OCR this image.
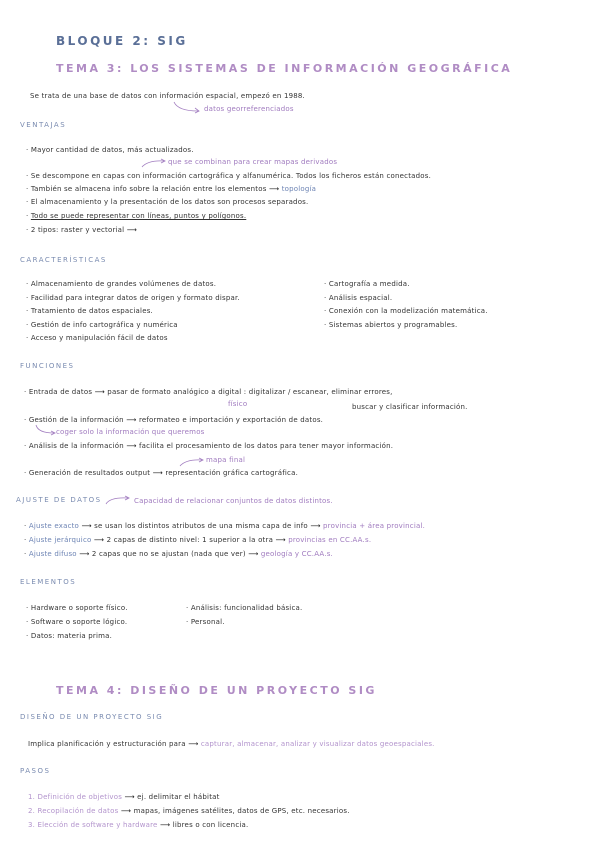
BLOQUE 2: SIG
TEMA 3: LOS SISTEMAS DE INFORMACIÓN GEOGRÁFICA
Se trata de una base de datos con información espacial, empezó en 1988.
datos georreferenciados
VENTAJAS
· Mayor cantidad de datos, más actualizados.
que se combinan para crear mapas derivados
· Se descompone en capas con información cartográfica y alfanumérica. Todos los ficheros están conectados.
· También se almacena info sobre la relación entre los elementos ⟶ topología
· El almacenamiento y la presentación de los datos son procesos separados.
· Todo se puede representar con líneas, puntos y polígonos.
· 2 tipos: raster y vectorial ⟶
CARACTERÍSTICAS
· Almacenamiento de grandes volúmenes de datos.
· Facilidad para integrar datos de origen y formato dispar.
· Tratamiento de datos espaciales.
· Gestión de info cartográfica y numérica
· Acceso y manipulación fácil de datos
· Cartografía a medida.
· Análisis espacial.
· Conexión con la modelización matemática.
· Sistemas abiertos y programables.
FUNCIONES
· Entrada de datos ⟶ pasar de formato analógico a digital : digitalizar / escanear, eliminar errores,
físico	buscar y clasificar información.
· Gestión de la información ⟶ reformateo e importación y exportación de datos.
coger solo la información que queremos
· Análisis de la información ⟶ facilita el procesamiento de los datos para tener mayor información.
mapa final
· Generación de resultados output ⟶ representación gráfica cartográfica.
AJUSTE DE DATOS	Capacidad de relacionar conjuntos de datos distintos.
· Ajuste exacto ⟶ se usan los distintos atributos de una misma capa de info ⟶ provincia + área provincial.
· Ajuste jerárquico ⟶ 2 capas de distinto nivel: 1 superior a la otra ⟶ provincias en CC.AA.s.
· Ajuste difuso ⟶ 2 capas que no se ajustan (nada que ver) ⟶ geología y CC.AA.s.
ELEMENTOS
· Hardware o soporte físico.
· Software o soporte lógico.
· Datos: materia prima.
· Análisis: funcionalidad básica.
· Personal.
TEMA 4: DISEÑO DE UN PROYECTO SIG
DISEÑO DE UN PROYECTO SIG
Implica planificación y estructuración para ⟶ capturar, almacenar, analizar y visualizar datos geoespaciales.
PASOS
1. Definición de objetivos ⟶ ej. delimitar el hábitat
2. Recopilación de datos ⟶ mapas, imágenes satélites, datos de GPS, etc. necesarios.
3. Elección de software y hardware ⟶ libres o con licencia.
